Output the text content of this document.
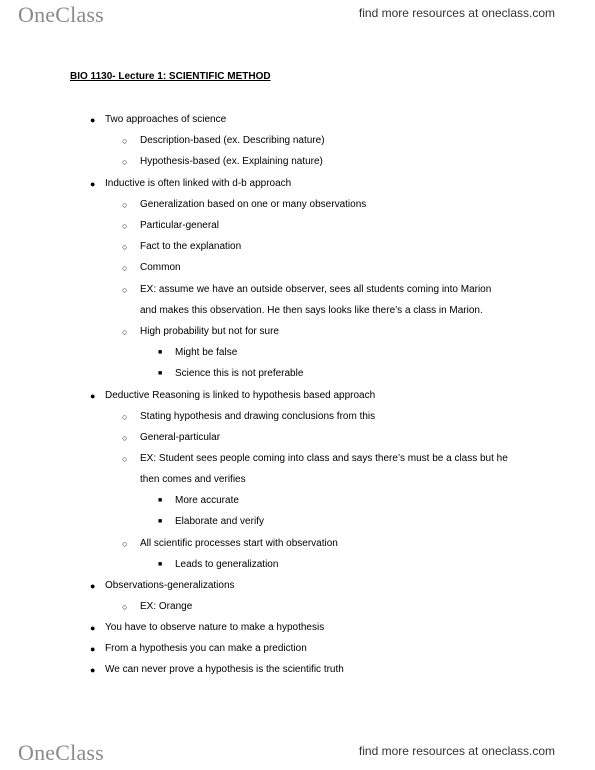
OneClass	find more resources at oneclass.com
BIO 1130- Lecture 1: SCIENTIFIC METHOD
● Two approaches of science
○ Description-based (ex. Describing nature)
○ Hypothesis-based (ex. Explaining nature)
● Inductive is often linked with d-b approach
○ Generalization based on one or many observations
○ Particular-general
○ Fact to the explanation
○ Common
○ EX: assume we have an outside observer, sees all students coming into Marion
and makes this observation. He then says looks like there’s a class in Marion.
○ High probability but not for sure
■ Might be false
■ Science this is not preferable
● Deductive Reasoning is linked to hypothesis based approach
○ Stating hypothesis and drawing conclusions from this
○ General-particular
○ EX: Student sees people coming into class and says there’s must be a class but he
then comes and verifies
■ More accurate
■ Elaborate and verify
○ All scientific processes start with observation
■ Leads to generalization
● Observations-generalizations
○ EX: Orange
● You have to observe nature to make a hypothesis
● From a hypothesis you can make a prediction
● We can never prove a hypothesis is the scientific truth
OneClass	find more resources at oneclass.com
